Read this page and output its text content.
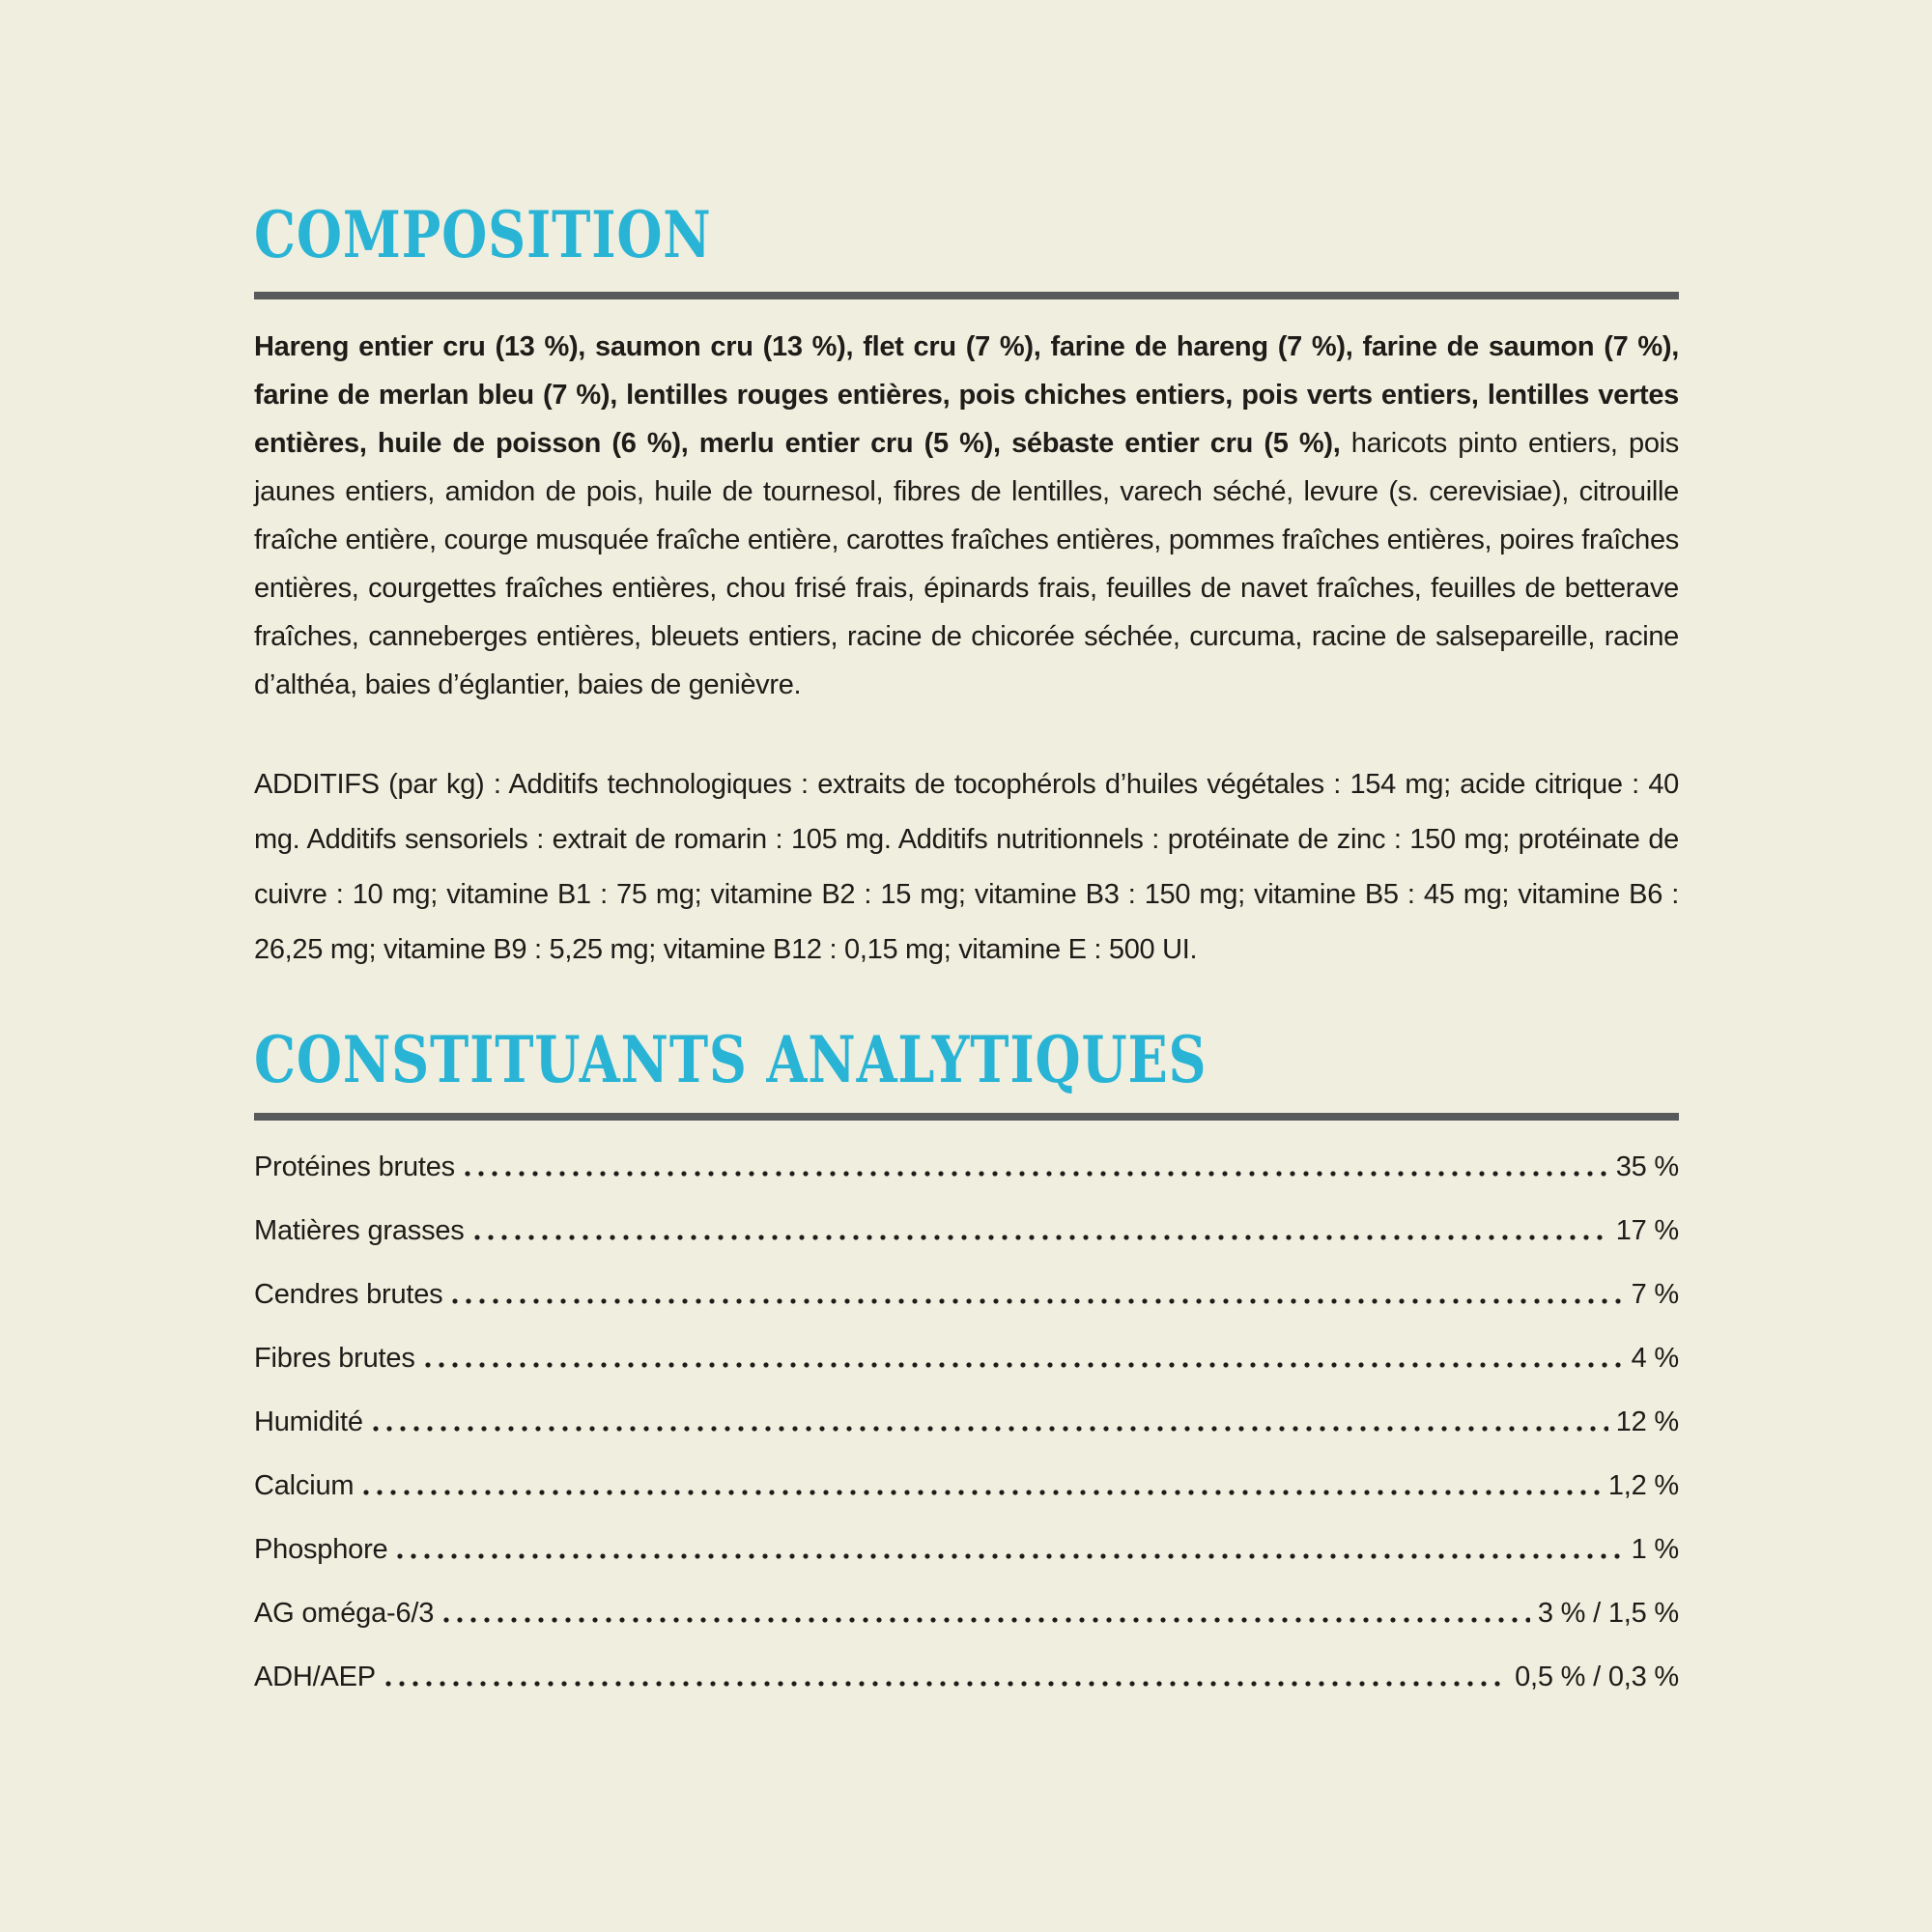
COMPOSITION

Hareng entier cru (13 %), saumon cru (13 %), flet cru (7 %), farine de hareng (7 %), farine de saumon (7 %), farine de merlan bleu (7 %), lentilles rouges entières, pois chiches entiers, pois verts entiers, lentilles vertes entières, huile de poisson (6 %), merlu entier cru (5 %), sébaste entier cru (5 %), haricots pinto entiers, pois jaunes entiers, amidon de pois, huile de tournesol, fibres de lentilles, varech séché, levure (s. cerevisiae), citrouille fraîche entière, courge musquée fraîche entière, carottes fraîches entières, pommes fraîches entières, poires fraîches entières, courgettes fraîches entières, chou frisé frais, épinards frais, feuilles de navet fraîches, feuilles de betterave fraîches, canneberges entières, bleuets entiers, racine de chicorée séchée, curcuma, racine de salsepareille, racine d’althéa, baies d’églantier, baies de genièvre.

ADDITIFS (par kg) : Additifs technologiques : extraits de tocophérols d’huiles végétales : 154 mg; acide citrique : 40 mg. Additifs sensoriels : extrait de romarin : 105 mg. Additifs nutritionnels : protéinate de zinc : 150 mg; protéinate de cuivre : 10 mg; vitamine B1 : 75 mg; vitamine B2 : 15 mg; vitamine B3 : 150 mg; vitamine B5 : 45 mg; vitamine B6 : 26,25 mg; vitamine B9 : 5,25 mg; vitamine B12 : 0,15 mg; vitamine E : 500 UI.

CONSTITUANTS ANALYTIQUES
Protéines brutes	35 %
Matières grasses	17 %
Cendres brutes	7 %
Fibres brutes	4 %
Humidité	12 %
Calcium	1,2 %
Phosphore	1 %
AG oméga-6/3	3 % / 1,5 %
ADH/AEP	0,5 % / 0,3 %
